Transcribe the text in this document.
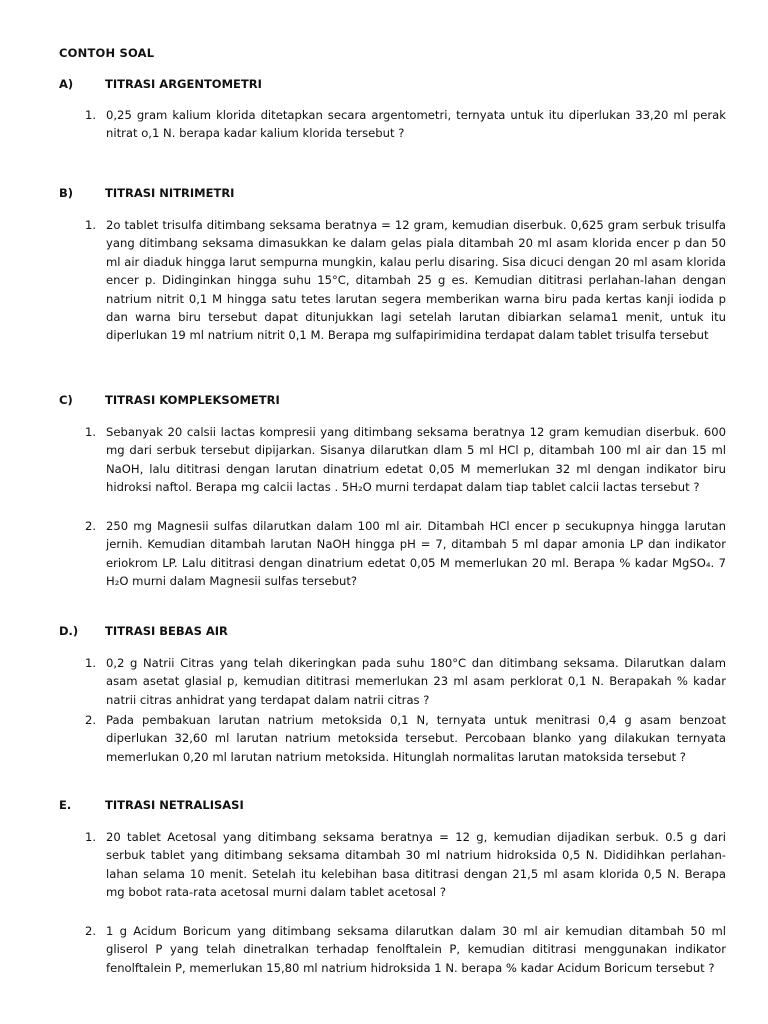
CONTOH SOAL
A)	TITRASI ARGENTOMETRI
1. 0,25 gram kalium klorida ditetapkan secara argentometri, ternyata untuk itu diperlukan 33,20 ml perak nitrat o,1 N. berapa kadar kalium klorida tersebut ?
B)	TITRASI NITRIMETRI
1. 2o tablet trisulfa ditimbang seksama beratnya = 12 gram, kemudian diserbuk. 0,625 gram serbuk trisulfa yang ditimbang seksama dimasukkan ke dalam gelas piala ditambah 20 ml asam klorida encer p dan 50 ml air diaduk hingga larut sempurna mungkin, kalau perlu disaring. Sisa dicuci dengan 20 ml asam klorida encer p. Didinginkan hingga suhu 15°C, ditambah 25 g es. Kemudian dititrasi perlahan-lahan dengan natrium nitrit 0,1 M hingga satu tetes larutan segera memberikan warna biru pada kertas kanji iodida p dan warna biru tersebut dapat ditunjukkan lagi setelah larutan dibiarkan selama1 menit, untuk itu diperlukan 19 ml natrium nitrit 0,1 M. Berapa mg sulfapirimidina terdapat dalam tablet trisulfa tersebut
C)	TITRASI KOMPLEKSOMETRI
1. Sebanyak 20 calsii lactas kompresii yang ditimbang seksama beratnya 12 gram kemudian diserbuk. 600 mg dari serbuk tersebut dipijarkan. Sisanya dilarutkan dlam 5 ml HCl p, ditambah 100 ml air dan 15 ml NaOH, lalu dititrasi dengan larutan dinatrium edetat 0,05 M memerlukan 32 ml dengan indikator biru hidroksi naftol. Berapa mg calcii lactas . 5H₂O murni terdapat dalam tiap tablet calcii lactas tersebut ?
2. 250 mg Magnesii sulfas dilarutkan dalam 100 ml air. Ditambah HCl encer p secukupnya hingga larutan jernih. Kemudian ditambah larutan NaOH hingga pH = 7, ditambah 5 ml dapar amonia LP dan indikator eriokrom LP. Lalu dititrasi dengan dinatrium edetat 0,05 M memerlukan 20 ml. Berapa % kadar MgSO₄. 7 H₂O murni dalam Magnesii sulfas tersebut?
D.) TITRASI BEBAS AIR
1. 0,2 g Natrii Citras yang telah dikeringkan pada suhu 180°C dan ditimbang seksama. Dilarutkan dalam asam asetat glasial p, kemudian dititrasi memerlukan 23 ml asam perklorat 0,1 N. Berapakah % kadar natrii citras anhidrat yang terdapat dalam natrii citras ?
2. Pada pembakuan larutan natrium metoksida 0,1 N, ternyata untuk menitrasi 0,4 g asam benzoat diperlukan 32,60 ml larutan natrium metoksida tersebut. Percobaan blanko yang dilakukan ternyata memerlukan 0,20 ml larutan natrium metoksida. Hitunglah normalitas larutan matoksida tersebut ?
E.	TITRASI NETRALISASI
1. 20 tablet Acetosal yang ditimbang seksama beratnya = 12 g, kemudian dijadikan serbuk. 0.5 g dari serbuk tablet yang ditimbang seksama ditambah 30 ml natrium hidroksida 0,5 N. Dididihkan perlahan-lahan selama 10 menit. Setelah itu kelebihan basa dititrasi dengan 21,5 ml asam klorida 0,5 N. Berapa mg bobot rata-rata acetosal murni dalam tablet acetosal ?
2. 1 g Acidum Boricum yang ditimbang seksama dilarutkan dalam 30 ml air kemudian ditambah 50 ml gliserol P yang telah dinetralkan terhadap fenolftalein P, kemudian dititrasi menggunakan indikator fenolftalein P, memerlukan 15,80 ml natrium hidroksida 1 N. berapa % kadar Acidum Boricum tersebut ?
